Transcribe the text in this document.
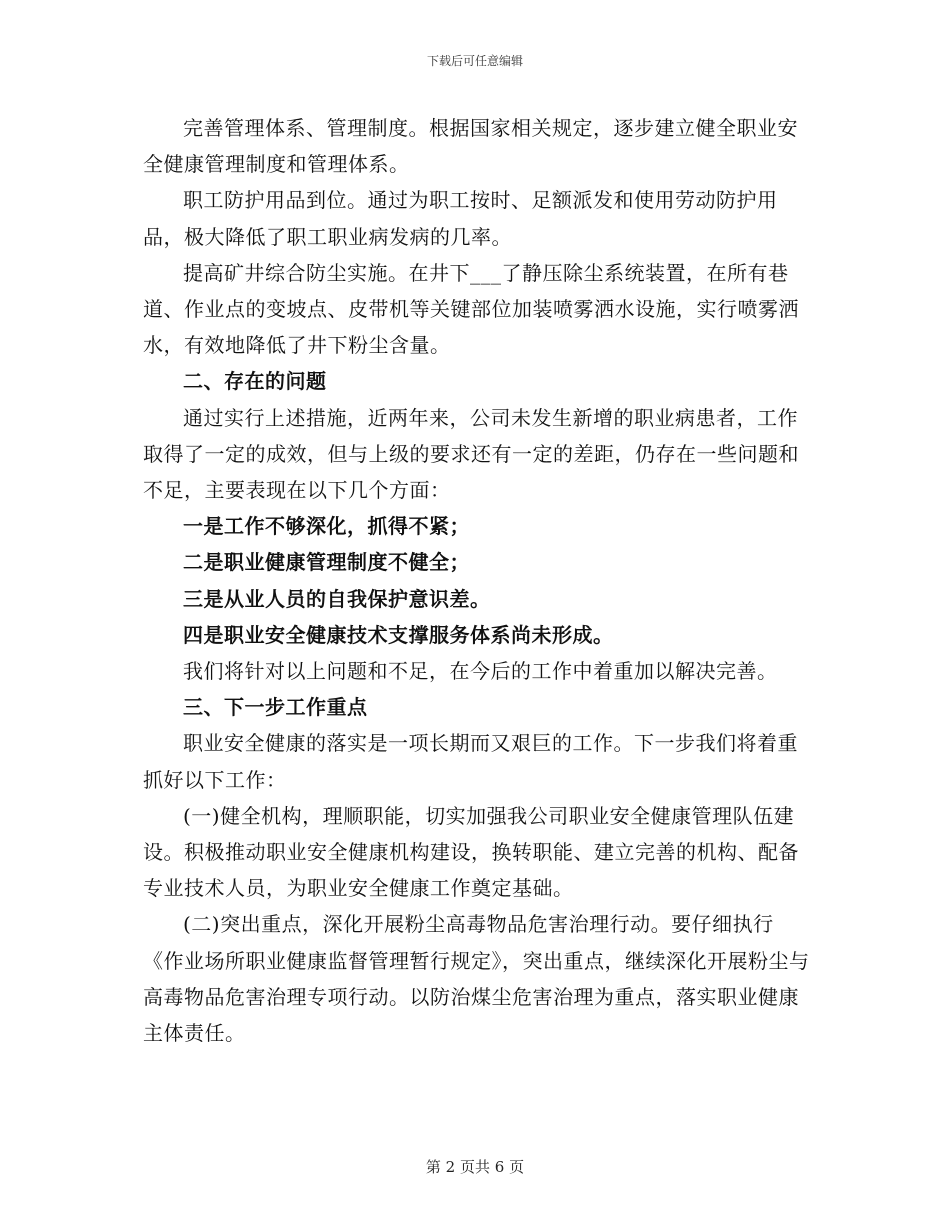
下载后可任意编辑

完善管理体系、管理制度。根据国家相关规定，逐步建立健全职业安全健康管理制度和管理体系。

职工防护用品到位。通过为职工按时、足额派发和使用劳动防护用品，极大降低了职工职业病发病的几率。

提高矿井综合防尘实施。在井下___了静压除尘系统装置，在所有巷道、作业点的变坡点、皮带机等关键部位加装喷雾洒水设施，实行喷雾洒水，有效地降低了井下粉尘含量。

二、存在的问题

通过实行上述措施，近两年来，公司未发生新增的职业病患者，工作取得了一定的成效，但与上级的要求还有一定的差距，仍存在一些问题和不足，主要表现在以下几个方面：

一是工作不够深化，抓得不紧；

二是职业健康管理制度不健全；

三是从业人员的自我保护意识差。

四是职业安全健康技术支撑服务体系尚未形成。

我们将针对以上问题和不足，在今后的工作中着重加以解决完善。

三、下一步工作重点

职业安全健康的落实是一项长期而又艰巨的工作。下一步我们将着重抓好以下工作：

(一)健全机构，理顺职能，切实加强我公司职业安全健康管理队伍建设。积极推动职业安全健康机构建设，换转职能、建立完善的机构、配备专业技术人员，为职业安全健康工作奠定基础。

(二)突出重点，深化开展粉尘高毒物品危害治理行动。要仔细执行《作业场所职业健康监督管理暂行规定》，突出重点，继续深化开展粉尘与高毒物品危害治理专项行动。以防治煤尘危害治理为重点，落实职业健康主体责任。

第 2 页共 6 页
